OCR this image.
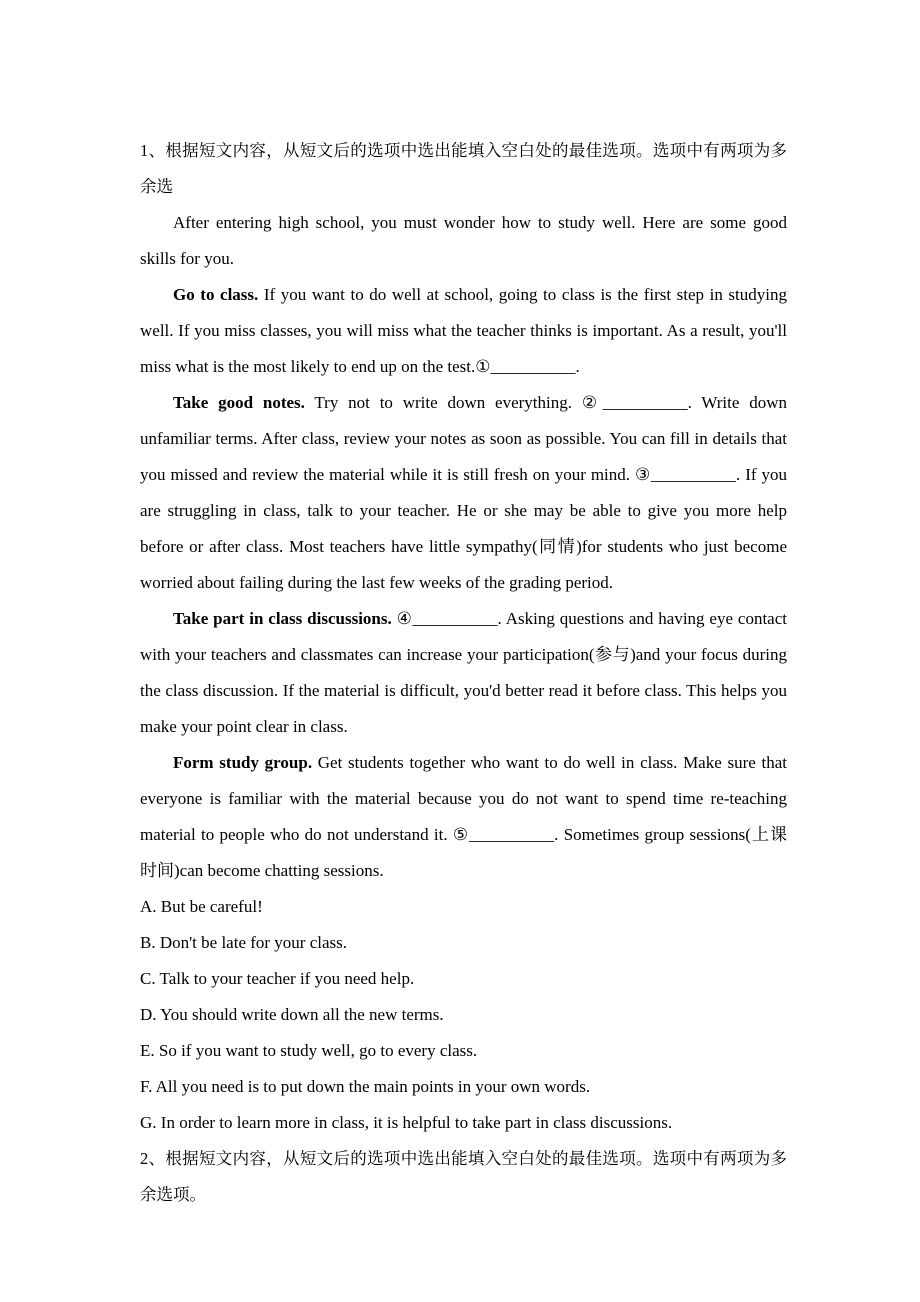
1、根据短文内容，从短文后的选项中选出能填入空白处的最佳选项。选项中有两项为多余选

After entering high school, you must wonder how to study well. Here are some good skills for you.

Go to class. If you want to do well at school, going to class is the first step in studying well. If you miss classes, you will miss what the teacher thinks is important. As a result, you'll miss what is the most likely to end up on the test.①__________.

Take good notes. Try not to write down everything. ②__________. Write down unfamiliar terms. After class, review your notes as soon as possible. You can fill in details that you missed and review the material while it is still fresh on your mind. ③__________. If you are struggling in class, talk to your teacher. He or she may be able to give you more help before or after class. Most teachers have little sympathy(同情)for students who just become worried about failing during the last few weeks of the grading period.

Take part in class discussions. ④__________. Asking questions and having eye contact with your teachers and classmates can increase your participation(参与)and your focus during the class discussion. If the material is difficult, you'd better read it before class. This helps you make your point clear in class.

Form study group. Get students together who want to do well in class. Make sure that everyone is familiar with the material because you do not want to spend time re-teaching material to people who do not understand it. ⑤__________. Sometimes group sessions(上课时间)can become chatting sessions.

A. But be careful!

B. Don't be late for your class.

C. Talk to your teacher if you need help.

D. You should write down all the new terms.

E. So if you want to study well, go to every class.

F. All you need is to put down the main points in your own words.

G. In order to learn more in class, it is helpful to take part in class discussions.

2、根据短文内容，从短文后的选项中选出能填入空白处的最佳选项。选项中有两项为多余选项。
